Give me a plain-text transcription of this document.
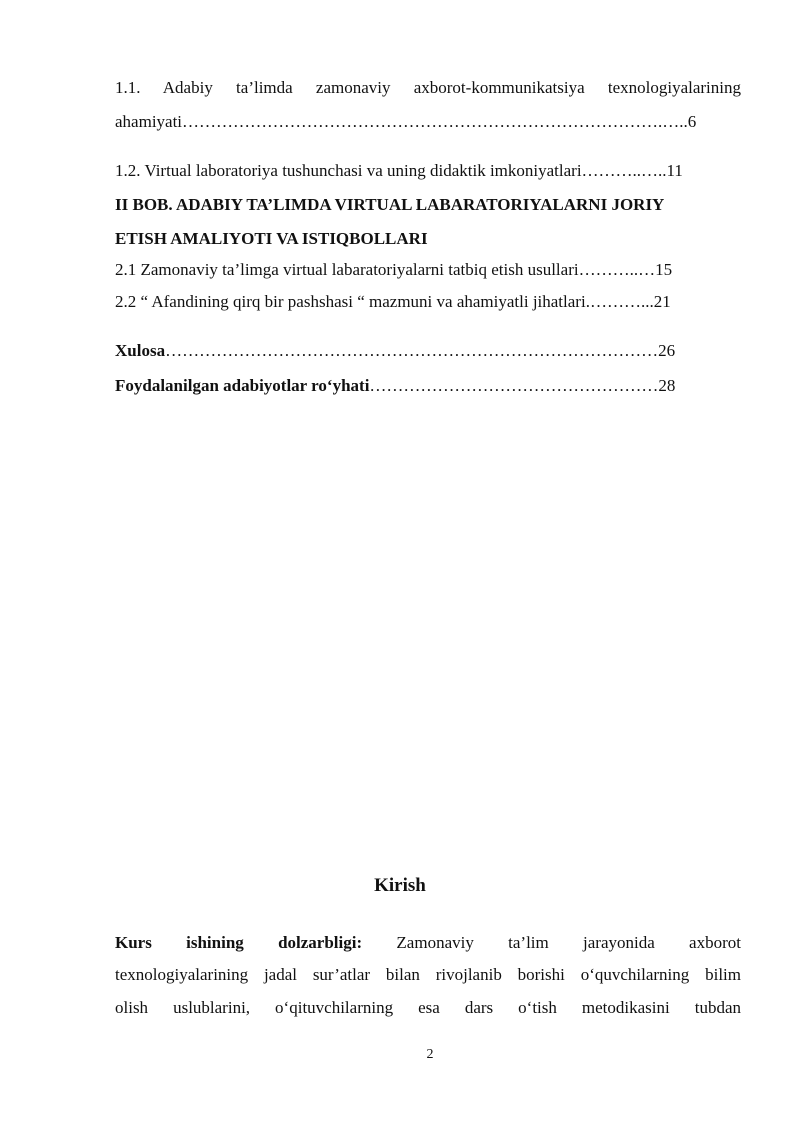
1.1. Adabiy ta’limda zamonaviy axborot-kommunikatsiya texnologiyalarining
ahamiyati………………………………………………………………………….…..6
1.2. Virtual laboratoriya tushunchasi va uning didaktik imkoniyatlari………..…..11
II BOB. ADABIY TA’LIMDA VIRTUAL LABARATORIYALARNI JORIY
ETISH AMALIYOTI VA ISTIQBOLLARI
2.1 Zamonaviy ta’limga virtual labaratoriyalarni tatbiq etish usullari………..…15
2.2 “ Afandining qirq bir pashshasi “ mazmuni va ahamiyatli jihatlari.………...21
Xulosa……………………………………………………………………………26
Foydalanilgan adabiyotlar ro‘yhati……………………………………………28
Kirish
Kurs ishining dolzarbligi: Zamonaviy ta’lim jarayonida axborot
texnologiyalarining jadal sur’atlar bilan rivojlanib borishi o‘quvchilarning bilim
olish uslublarini, o‘qituvchilarning esa dars o‘tish metodikasini tubdan
2
